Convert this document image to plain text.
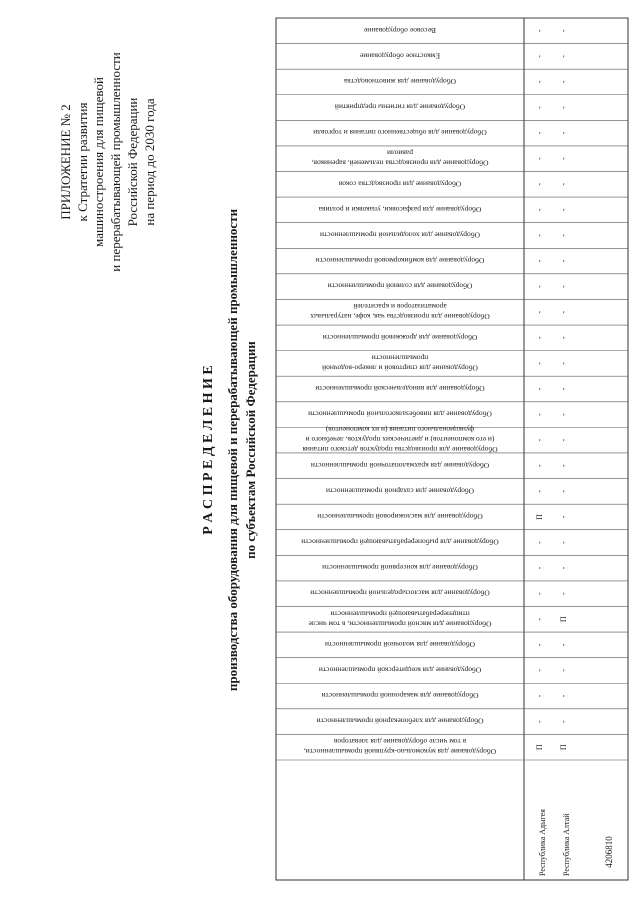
ПРИЛОЖЕНИЕ № 2 к Стратегии развития машиностроения для пищевой и перерабатывающей промышленности Российской Федерации на период до 2030 года
Р А С П Р Е Д Е Л Е Н И Е производства оборудования для пищевой и перерабатывающей промышленности по субъектам Российской Федерации
Оборудование для мукомольно-крупяной промышленности,
в том числе оборудование для элеваторов
Оборудование для хлебопекарной промышленности
Оборудование для макаронной промышленности
Оборудование для кондитерской промышленности
Оборудование для молочной промышленности
Оборудование для мясной промышленности, в том числе
птицеперерабатывающей промышленности
Оборудование для маслосыродельной промышленности
Оборудование для консервной промышленности
Оборудование для рыбоперерабатывающей промышленности
Оборудование для масложировой промышленности
Оборудование для сахарной промышленности
Оборудование для крахмалопаточной промышленности
Оборудование для производства продуктов детского питания
(и его компонентов) и диетических продуктов, лечебного и
функционального питания (и их компонентов)
Оборудование для пивобезалкогольной промышленности
Оборудование для винодельческой промышленности
Оборудование для спиртовой и ликеро-водочной
промышленности
Оборудование для дрожжевой промышленности
Оборудование для производства чая, кофе, натуральных
ароматизаторов и красителей
Оборудование для соляной промышленности
Оборудование для комбикормовой промышленности
Оборудование для холодильной промышленности
Оборудование для разфасовки, упаковки и розлива
Оборудование для производства соков
Оборудование для производства пельменей, вареников,
равиоли
Оборудование для общественного питания и торговли
Оборудование для гигиены предприятий
Оборудование для животноводства
Емкостное оборудование
Весовое оборудование
П
-
-
-
-
-
-
-
-
П
-
-
-
-
-
-
-
-
-
-
-
-
-
-
-
-
-
-
-
П
-
-
-
-
П
-
-
-
-
-
-
-
-
-
-
-
-
-
-
-
-
-
-
-
-
-
-
-
Республика Адыгея Республика Алтай	4206810
